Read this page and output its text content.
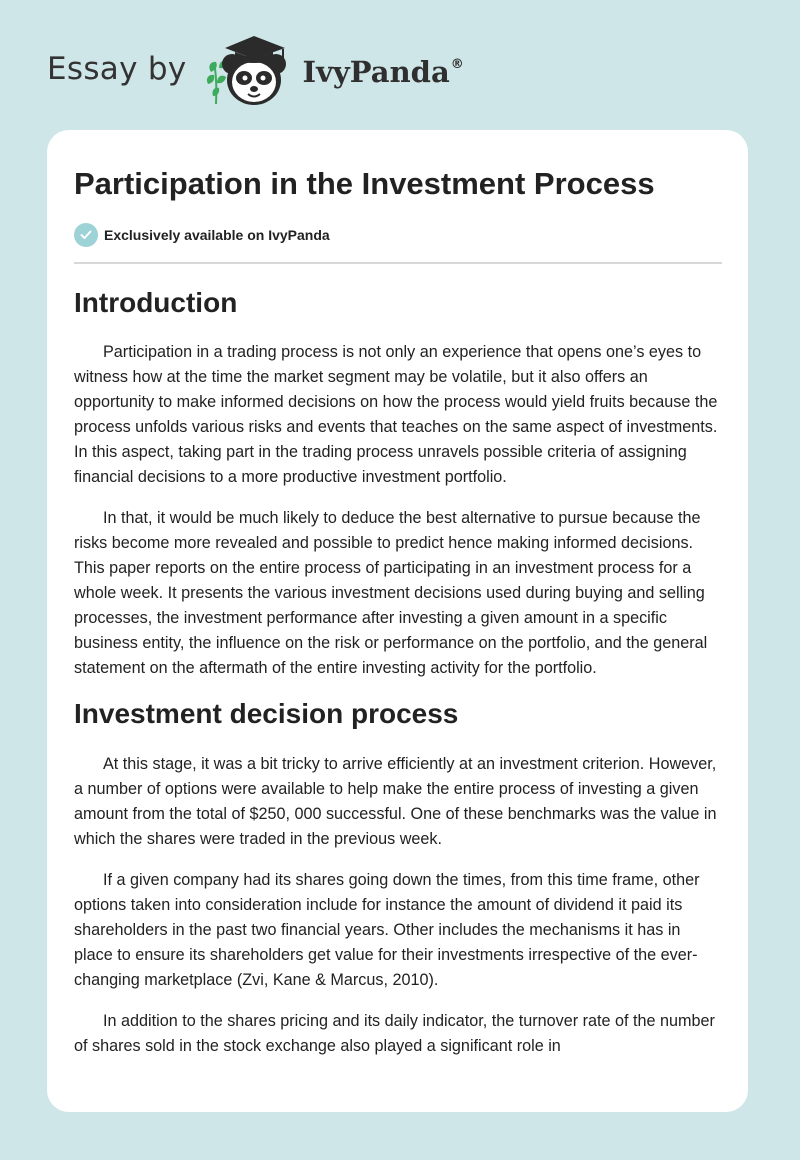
Essay by	IvyPanda®
Participation in the Investment Process
Exclusively available on IvyPanda
Introduction

Participation in a trading process is not only an experience that opens one’s eyes to witness how at the time the market segment may be volatile, but it also offers an opportunity to make informed decisions on how the process would yield fruits because the process unfolds various risks and events that teaches on the same aspect of investments. In this aspect, taking part in the trading process unravels possible criteria of assigning financial decisions to a more productive investment portfolio.

In that, it would be much likely to deduce the best alternative to pursue because the risks become more revealed and possible to predict hence making informed decisions. This paper reports on the entire process of participating in an investment process for a whole week. It presents the various investment decisions used during buying and selling processes, the investment performance after investing a given amount in a specific business entity, the influence on the risk or performance on the portfolio, and the general statement on the aftermath of the entire investing activity for the portfolio.

Investment decision process

At this stage, it was a bit tricky to arrive efficiently at an investment criterion. However, a number of options were available to help make the entire process of investing a given amount from the total of $250, 000 successful. One of these benchmarks was the value in which the shares were traded in the previous week.

If a given company had its shares going down the times, from this time frame, other options taken into consideration include for instance the amount of dividend it paid its shareholders in the past two financial years. Other includes the mechanisms it has in place to ensure its shareholders get value for their investments irrespective of the ever-changing marketplace (Zvi, Kane & Marcus, 2010).

In addition to the shares pricing and its daily indicator, the turnover rate of the number of shares sold in the stock exchange also played a significant role in
